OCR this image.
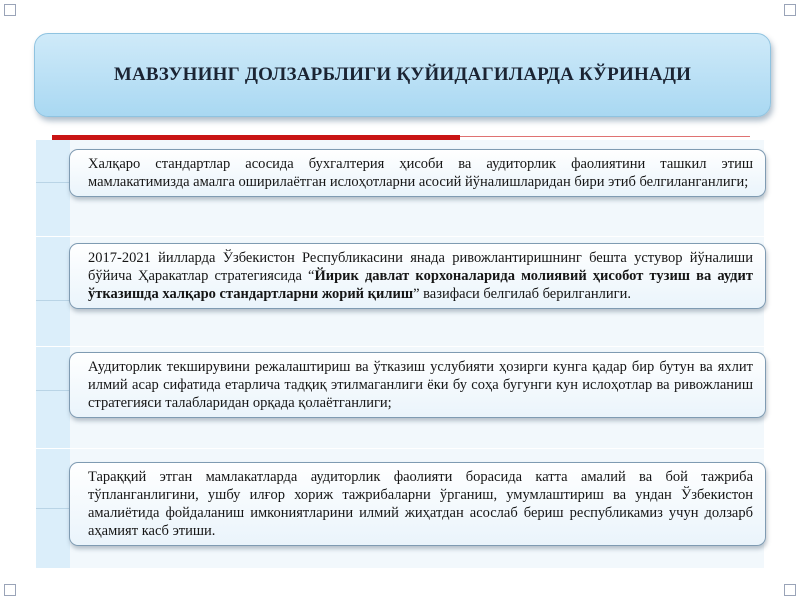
МАВЗУНИНГ ДОЛЗАРБЛИГИ ҚУЙИДАГИЛАРДА КЎРИНАДИ
Халқаро стандартлар асосида бухгалтерия ҳисоби ва аудиторлик фаолиятини ташкил этиш мамлакатимизда амалга оширилаётган ислоҳотларни асосий йўналишларидан бири этиб белгиланганлиги;
2017-2021 йилларда Ўзбекистон Республикасини янада ривожлантиришнинг бешта устувор йўналиши бўйича Ҳаракатлар стратегиясида “Йирик давлат корхоналарида молиявий ҳисобот тузиш ва аудит ўтказишда халқаро стандартларни жорий қилиш” вазифаси белгилаб берилганлиги.
Аудиторлик текширувини режалаштириш ва ўтказиш услубияти ҳозирги кунга қадар бир бутун ва яхлит илмий асар сифатида етарлича тадқиқ этилмаганлиги ёки бу соҳа бугунги кун ислоҳотлар ва ривожланиш стратегияси талабларидан орқада қолаётганлиги;
Тараққий этган мамлакатларда аудиторлик фаолияти борасида катта амалий ва бой тажриба тўпланганлигини, ушбу илғор хориж тажрибаларни ўрганиш, умумлаштириш ва ундан Ўзбекистон амалиётида фойдаланиш имкониятларини илмий жиҳатдан асослаб бериш республикамиз учун долзарб аҳамият касб этиши.
